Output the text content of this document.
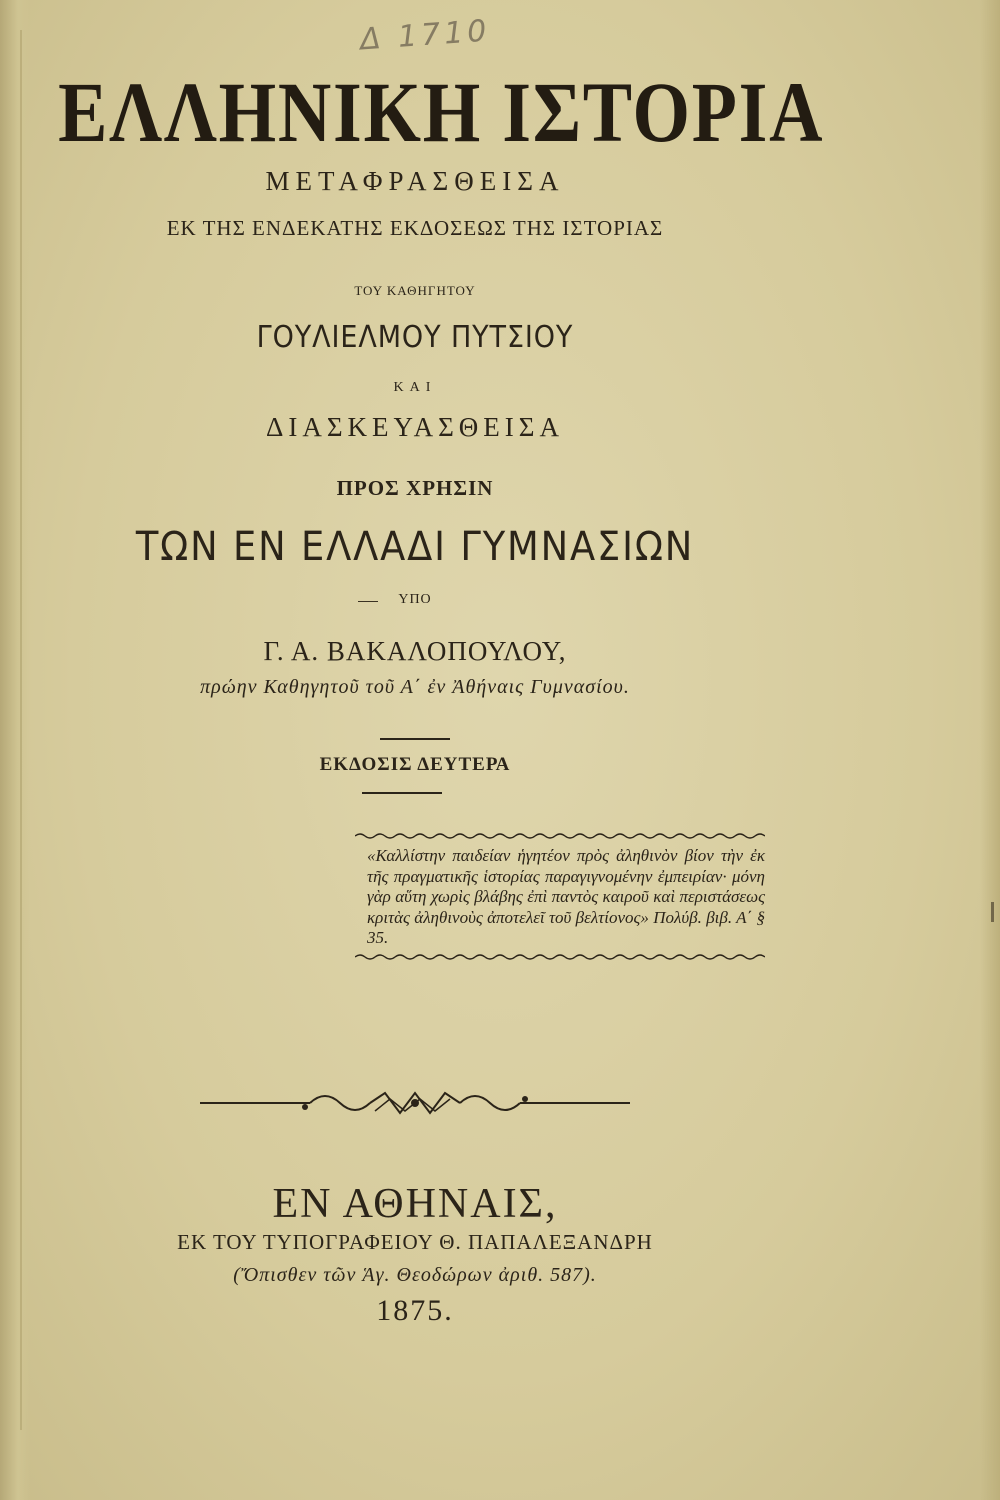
Δ 1710
ΕΛΛΗΝΙΚΗ ΙΣΤΟΡΙΑ
ΜΕΤΑΦΡΑΣΘΕΙΣΑ
ΕΚ ΤΗΣ ΕΝΔΕΚΑΤΗΣ ΕΚΔΟΣΕΩΣ ΤΗΣ ΙΣΤΟΡΙΑΣ
ΤΟΥ ΚΑΘΗΓΗΤΟΥ
ΓΟΥΛΙΕΛΜΟΥ ΠΥΤΣΙΟΥ
ΚΑΙ
ΔΙΑΣΚΕΥΑΣΘΕΙΣΑ
ΠΡΟΣ ΧΡΗΣΙΝ
ΤΩΝ ΕΝ ΕΛΛΑΔΙ ΓΥΜΝΑΣΙΩΝ
ΥΠΟ
Γ. Α. ΒΑΚΑΛΟΠΟΥΛΟΥ,
πρώην Καθηγητοῦ τοῦ Α΄ ἐν Ἀθήναις Γυμνασίου.
ΕΚΔΟΣΙΣ ΔΕΥΤΕΡΑ
«Καλλίστην παιδείαν ἡγητέον πρὸς ἀληθινὸν βίον τὴν ἐκ τῆς πραγματικῆς ἱστορίας παραγιγνομένην ἐμπειρίαν· μόνη γὰρ αὕτη χωρὶς βλάβης ἐπὶ παντὸς καιροῦ καὶ περιστάσεως κριτὰς ἀληθινοὺς ἀποτελεῖ τοῦ βελτίονος» Πολύβ. βιβ. Α΄ § 35.
ΕΝ ΑΘΗΝΑΙΣ,
ΕΚ ΤΟΥ ΤΥΠΟΓΡΑΦΕΙΟΥ Θ. ΠΑΠΑΛΕΞΑΝΔΡΗ
(Ὄπισθεν τῶν Ἁγ. Θεοδώρων ἀριθ. 587).
1875.
